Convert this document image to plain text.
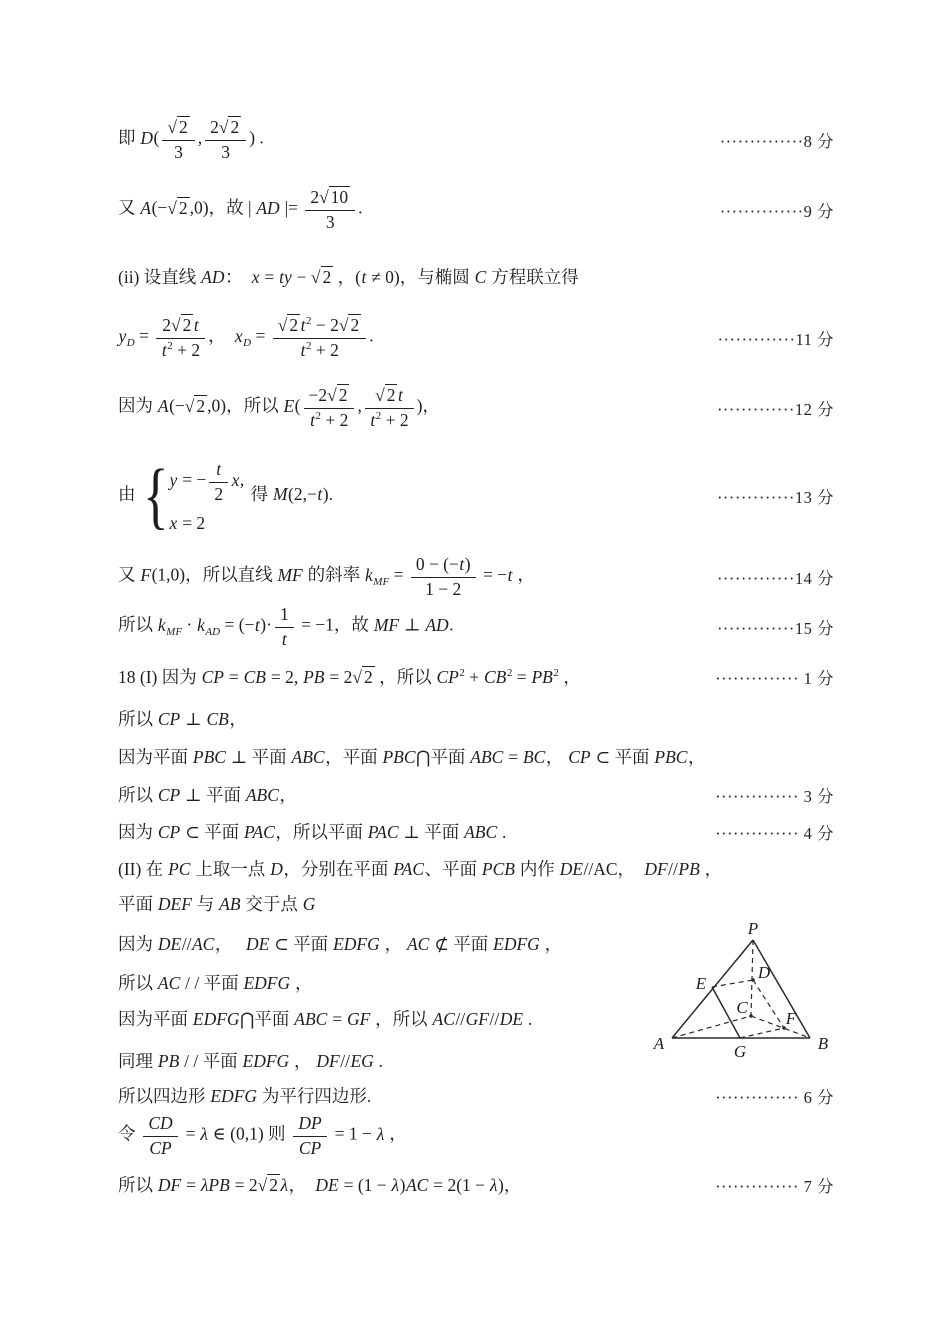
即 $D( \frac{√ 2}{3}$ , $\frac{2√ 2}{3}$ ) .	··············8 分
又 A(−√ 2 ,0)，故 | AD |= $\frac{2√ 10}{3}$ .	··············9 分
(ii) 设直线 AD：  x = ty − √ 2 ，(t ≠ 0)，与椭圆 C 方程联立得
$y_D = \frac{2√ 2 t}{t^2 + 2}$ ，  $x_D = \frac{√ 2 t^2 - 2√ 2}{t^2 + 2}$ .	·············11 分
因为 A(−√ 2 ,0)，所以 $E( \frac{-2√ 2}{t^2 + 2}$ , $\frac{√ 2 t}{t^2 + 2}$ )，	·············12 分
由 { y = − $\frac{t}{2} x$,
x = 2
得 M(2,−t).	·············13 分
又 F(1,0)，所以直线 MF 的斜率 $k_{MF} = \frac{0 - (-t)}{1 - 2} = -t$ ，	·············14 分
所以 $k_{MF} \cdot k_{AD} = (-t)\cdot \frac{1}{t} = -1$，故 MF ⊥ AD.	·············15 分
18 (I) 因为 CP = CB = 2, PB = 2√ 2 ，所以 $CP^2 + CB^2 = PB^2$ ，	·············· 1 分
所以 CP ⊥ CB，
因为平面 PBC ⊥ 平面 ABC，平面 PBC⋂平面 ABC = BC， CP ⊂ 平面 PBC，
所以 CP ⊥ 平面 ABC，	·············· 3 分
因为 CP ⊂ 平面 PAC，所以平面 PAC ⊥ 平面 ABC .	·············· 4 分
(II) 在 PC 上取一点 D，分别在平面 PAC、平面 PCB 内作 DE//AC，  DF//PB ，
平面 DEF 与 AB 交于点 G
因为 DE//AC，   DE ⊂ 平面 EDFG ， AC ⊄ 平面 EDFG ，
所以 AC / / 平面 EDFG ，
因为平面 EDFG⋂平面 ABC = GF ，所以 AC//GF//DE .
同理 PB / / 平面 EDFG ， DF//EG .
所以四边形 EDFG 为平行四边形.	·············· 6 分
令 $\frac{CD}{CP} = \lambda$ ∈ (0,1) 则 $\frac{DP}{CP} = 1 - \lambda$ ，
所以 DF = λPB = 2√ 2 λ，  DE = (1 − λ)AC = 2(1 − λ)，	·············· 7 分
P
A	B
C
D
E
F
G
